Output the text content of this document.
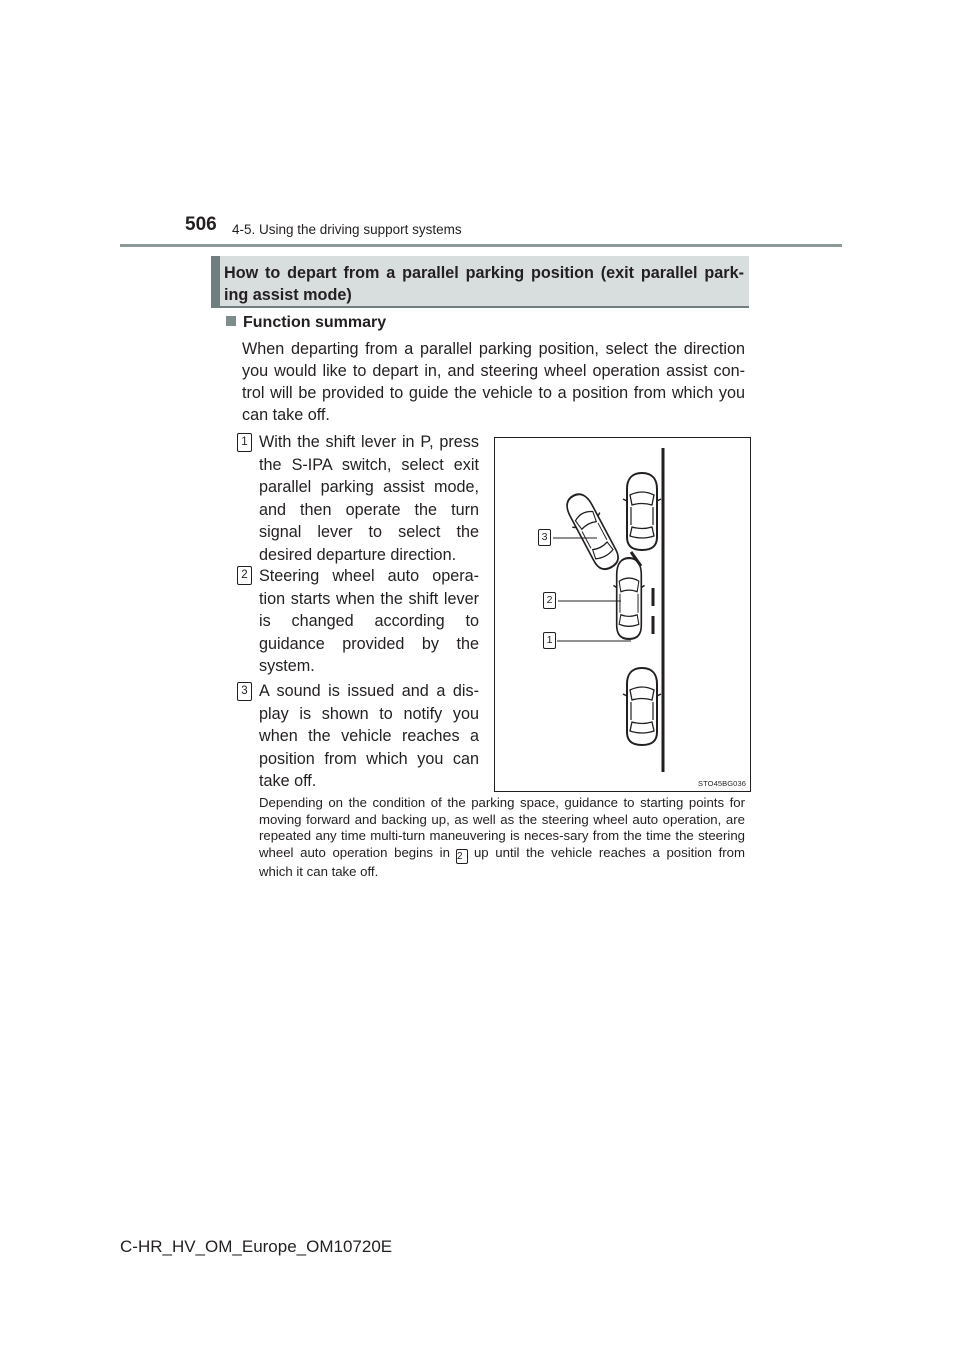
506 4-5. Using the driving support systems
How to depart from a parallel parking position (exit parallel park-ing assist mode)
Function summary
When departing from a parallel parking position, select the direction you would like to depart in, and steering wheel operation assist con-trol will be provided to guide the vehicle to a position from which you can take off.
1 With the shift lever in P, press the S-IPA switch, select exit parallel parking assist mode, and then operate the turn signal lever to select the desired departure direction.
2 Steering wheel auto opera-tion starts when the shift lever is changed according to guidance provided by the system.
3 A sound is issued and a dis-play is shown to notify you when the vehicle reaches a position from which you can take off.
3
2
1
STO45BG036
Depending on the condition of the parking space, guidance to starting points for moving forward and backing up, as well as the steering wheel auto operation, are repeated any time multi-turn maneuvering is neces-sary from the time the steering wheel auto operation begins in 2 up until the vehicle reaches a position from which it can take off.
C-HR_HV_OM_Europe_OM10720E
